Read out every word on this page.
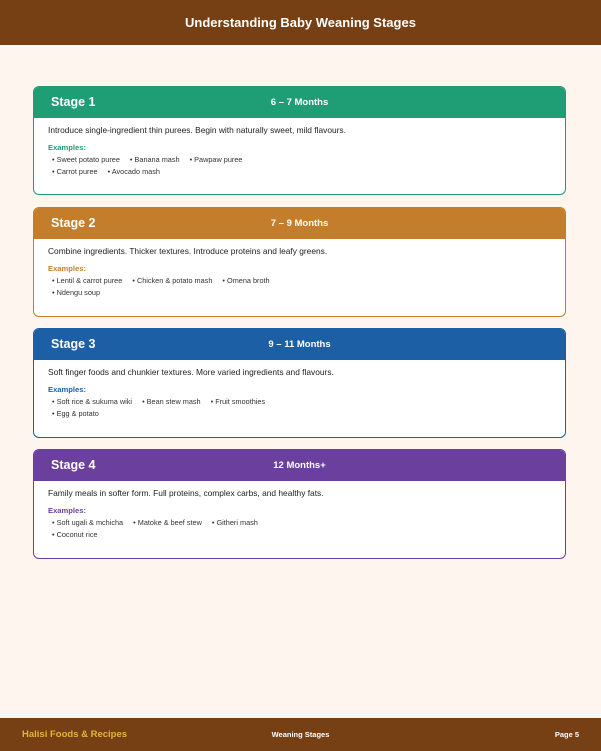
Understanding Baby Weaning Stages
Stage 1	6 – 7 Months

Introduce single-ingredient thin purees. Begin with naturally sweet, mild flavours.

Examples:

• Sweet potato puree • Banana mash • Pawpaw puree
• Carrot puree • Avocado mash
Stage 2	7 – 9 Months

Combine ingredients. Thicker textures. Introduce proteins and leafy greens.

Examples:

• Lentil & carrot puree • Chicken & potato mash • Omena broth
• Ndengu soup
Stage 3	9 – 11 Months

Soft finger foods and chunkier textures. More varied ingredients and flavours.

Examples:

• Soft rice & sukuma wiki • Bean stew mash • Fruit smoothies
• Egg & potato
Stage 4	12 Months+

Family meals in softer form. Full proteins, complex carbs, and healthy fats.

Examples:

• Soft ugali & mchicha • Matoke & beef stew • Githeri mash
• Coconut rice
Halisi Foods & Recipes	Weaning Stages	Page 5
